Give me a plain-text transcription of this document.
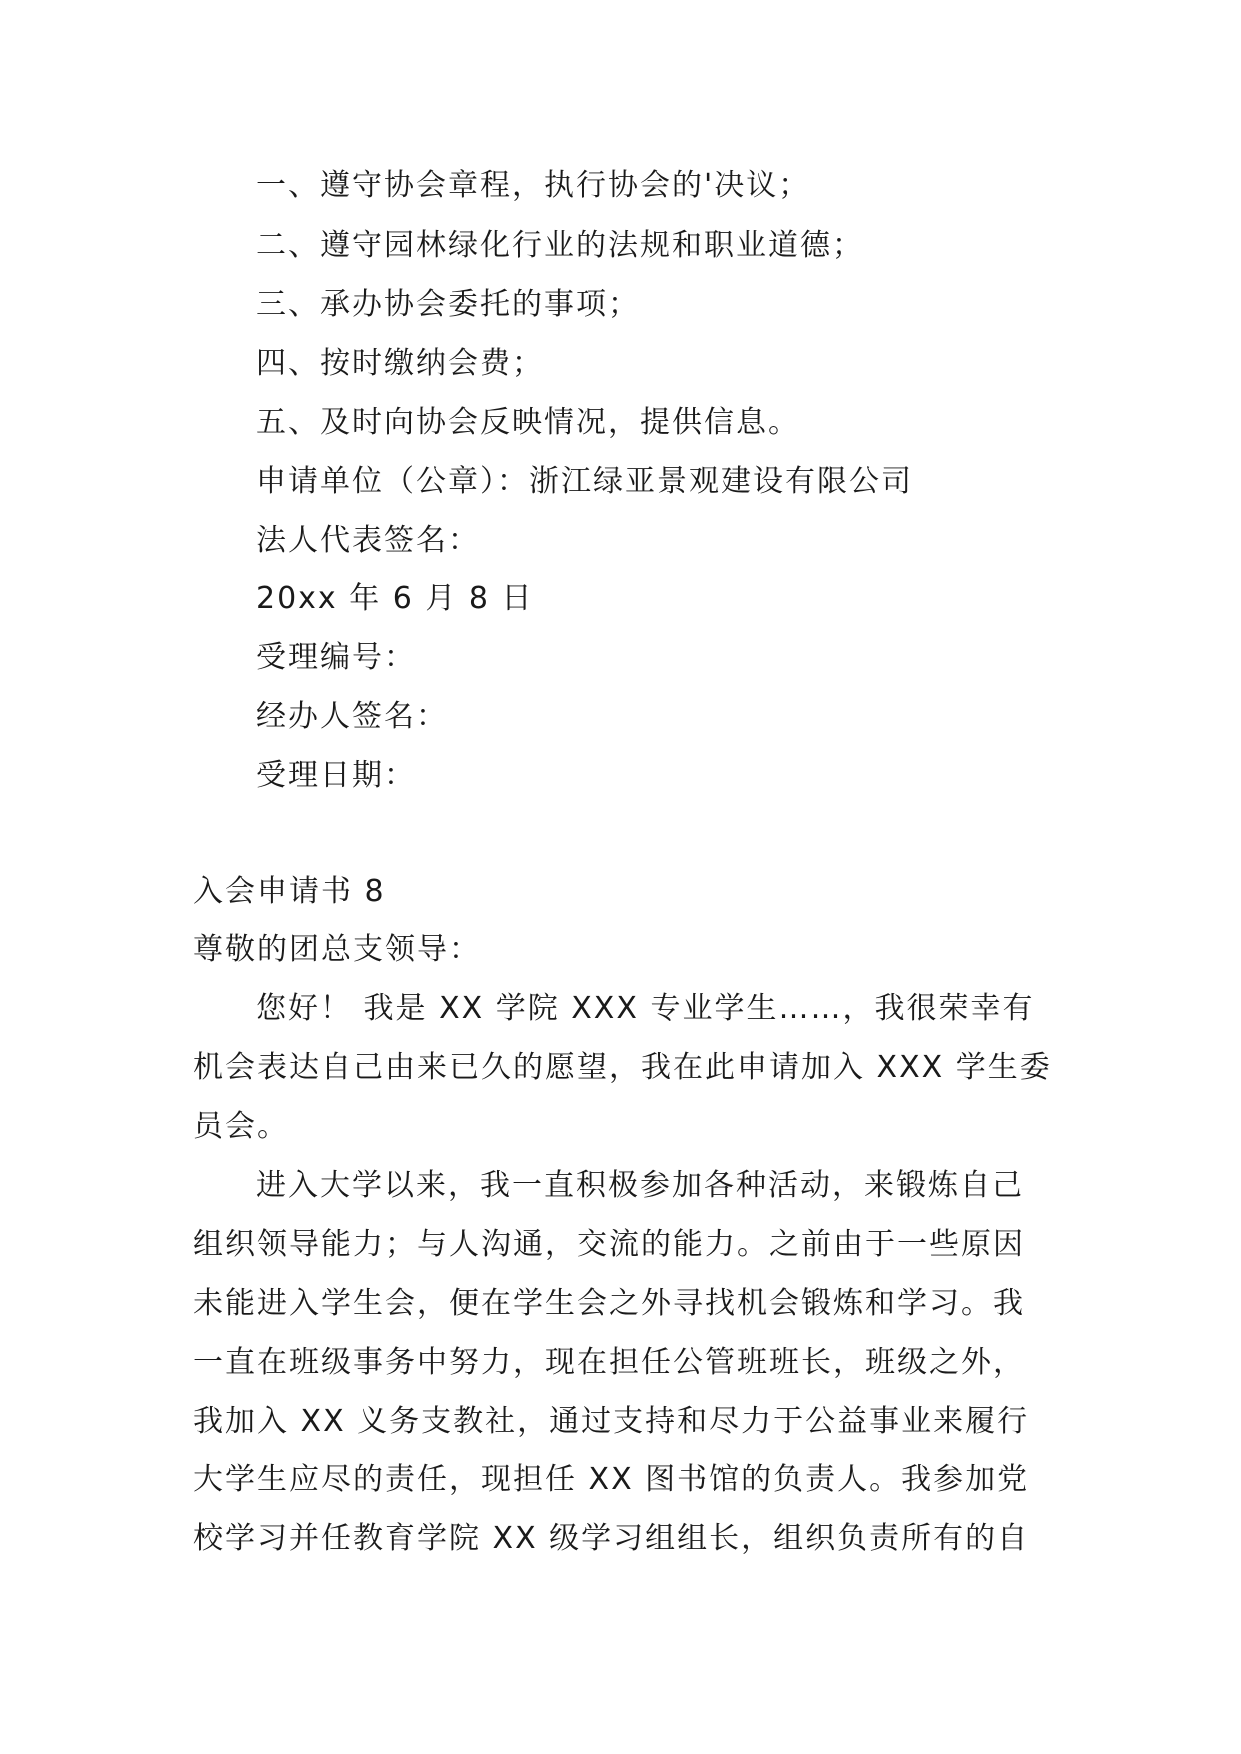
一、遵守协会章程，执行协会的'决议；

二、遵守园林绿化行业的法规和职业道德；

三、承办协会委托的事项；

四、按时缴纳会费；

五、及时向协会反映情况，提供信息。

申请单位（公章）：浙江绿亚景观建设有限公司

法人代表签名：

20xx 年 6 月 8 日

受理编号：

经办人签名：

受理日期：

入会申请书 8

尊敬的团总支领导：

您好！ 我是 XX 学院 XXX 专业学生……，我很荣幸有

机会表达自己由来已久的愿望，我在此申请加入 XXX 学生委

员会。

进入大学以来，我一直积极参加各种活动，来锻炼自己

组织领导能力；与人沟通，交流的能力。之前由于一些原因

未能进入学生会，便在学生会之外寻找机会锻炼和学习。我

一直在班级事务中努力，现在担任公管班班长，班级之外，

我加入 XX 义务支教社，通过支持和尽力于公益事业来履行

大学生应尽的责任，现担任 XX 图书馆的负责人。我参加党

校学习并任教育学院 XX 级学习组组长，组织负责所有的自
